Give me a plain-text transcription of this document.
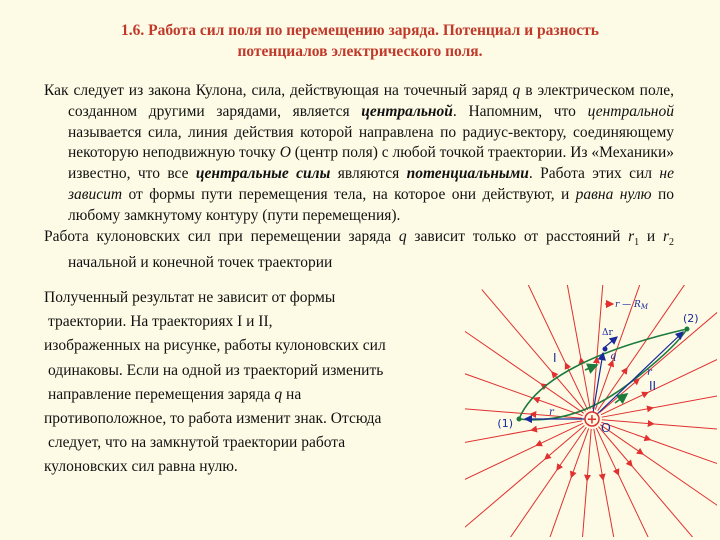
1.6. Работа сил поля по перемещению заряда. Потенциал и разность
потенциалов электрического поля.

Как следует из закона Кулона, сила, действующая на точечный заряд q в электрическом поле, созданном другими зарядами, является центральной. Напомним, что центральной называется сила, линия действия которой направлена по радиус-вектору, соединяющему некоторую неподвижную точку O (центр поля) с любой точкой траектории. Из «Механики» известно, что все центральные силы являются потенциальными. Работа этих сил не зависит от формы пути перемещения тела, на которое они действуют, и равна нулю по любому замкнутому контуру (пути перемещения).

Работа кулоновских сил при перемещении заряда q зависит только от расстояний $r_1$ и $r_2$ начальной и конечной точек траектории

Полученный результат не зависит от формы
траектории. На траекториях I и II,
изображенных на рисунке, работы кулоновских сил
одинаковы. Если на одной из траекторий изменить
направление перемещения заряда q на
противоположное, то работа изменит знак. Отсюда
следует, что на замкнутой траектории работа
кулоновских сил равна нулю.
+
(1)
(2)
I
II
O
r
r
q
Δr
r — $R_M$
